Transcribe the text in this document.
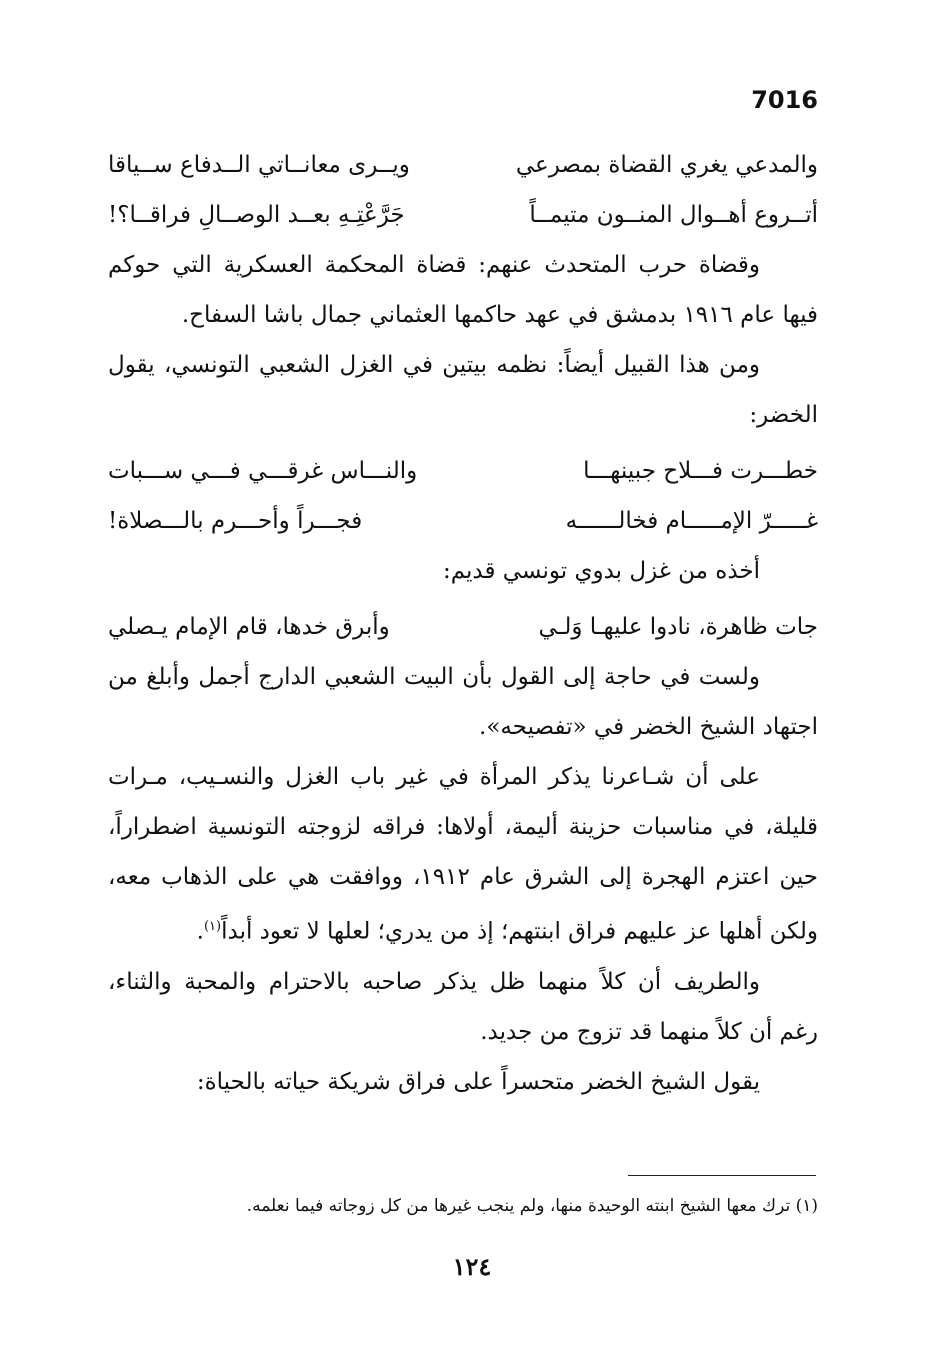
7016
والمدعي يغري القضاة بمصرعي
ويــرى معانــاتي الــدفاع ســياقا
أتــروع أهــوال المنــون متيمــاً
جَرَّعْتِـهِ بعــد الوصــالِ فراقــا؟!

وقضاة حرب المتحدث عنهم: قضاة المحكمة العسكرية التي حوكم
فيها عام ١٩١٦ بدمشق في عهد حاكمها العثماني جمال باشا السفاح.

ومن هذا القبيل أيضاً: نظمه بيتين في الغزل الشعبي التونسي، يقول
الخضر:

خطـــرت فـــلاح جبينهـــا
والنـــاس غرقـــي فـــي ســـبات
غـــــرّ الإمـــــام فخالــــــه
فجـــراً وأحـــرم بالـــصلاة!

أخذه من غزل بدوي تونسي قديم:

جات ظاهرة، نادوا عليهـا وَلـي
وأبرق خدها، قام الإمام يـصلي

ولست في حاجة إلى القول بأن البيت الشعبي الدارج أجمل وأبلغ من
اجتهاد الشيخ الخضر في «تفصيحه».

على أن شـاعرنا يذكر المرأة في غير باب الغزل والنسـيب، مـرات
قليلة، في مناسبات حزينة أليمة، أولاها: فراقه لزوجته التونسية اضطراراً،
حين اعتزم الهجرة إلى الشرق عام ١٩١٢، ووافقت هي على الذهاب معه،
ولكن أهلها عز عليهم فراق ابنتهم؛ إذ من يدري؛ لعلها لا تعود أبداً$^{(١)}$.

والطريف أن كلاً منهما ظل يذكر صاحبه بالاحترام والمحبة والثناء،
رغم أن كلاً منهما قد تزوج من جديد.

يقول الشيخ الخضر متحسراً على فراق شريكة حياته بالحياة:

(١) ترك معها الشيخ ابنته الوحيدة منها، ولم ينجب غيرها من كل زوجاته فيما نعلمه.
١٢٤
